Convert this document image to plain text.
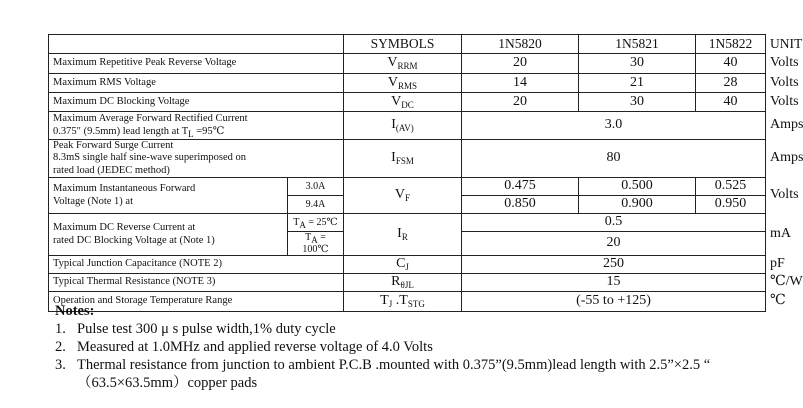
		SYMBOLS	1N5820	1N5821	1N5822	UNIT
Maximum Repetitive Peak Reverse Voltage		$V_{RRM}$	20	30	40	Volts
Maximum RMS Voltage		$V_{RMS}$	14	21	28	Volts
Maximum DC Blocking Voltage		$V_{DC}$	20	30	40	Volts

Maximum Average Forward Rectified Current
0.375″ (9.5mm) lead length at $T_L$ =95℃		$I_{(AV)}$	3.0			Amps

Peak Forward Surge Current
8.3mS single half sine-wave superimposed on
rated load (JEDEC method)		$I_{FSM}$	80			Amps

Maximum Instantaneous Forward
Voltage (Note 1) at	3.0A	$V_F$	0.475	0.500	0.525	Volts
	9.4A		0.850	0.900	0.950	

Maximum DC Reverse Current at
rated DC Blocking Voltage at (Note 1)	$T_A$ = 25℃	$I_R$	0.5			mA
	$T_A$ = 100℃		20			
Typical Junction Capacitance (NOTE 2)		$C_J$	250			pF
Typical Thermal Resistance (NOTE 3)		$R_{\theta JL}$	15			℃/W
Operation and Storage Temperature Range		$T_J$ $.T_{STG}$	(-55 to +125)			℃
Notes:
1. Pulse test 300 μ s pulse width,1% duty cycle
2. Measured at 1.0MHz and applied reverse voltage of 4.0 Volts
3. Thermal resistance from junction to ambient P.C.B .mounted with 0.375”(9.5mm)lead length with 2.5”×2.5 “
（63.5×63.5mm）copper pads
